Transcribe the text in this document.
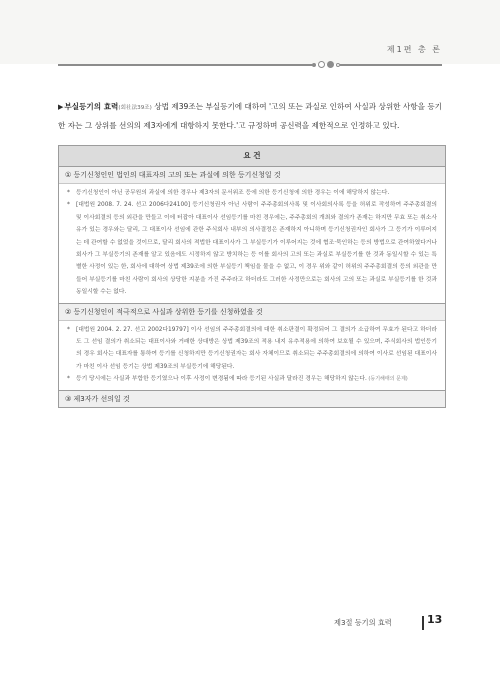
제1편 총 론
▶부실등기의 효력(회社法39조) 상법 제39조는 부실등기에 대하여 '고의 또는 과실로 인하여 사실과 상위한 사항을 등기한 자는 그 상위를 선의의 제3자에게 대항하지 못한다.'고 규정하며 공신력을 제한적으로 인정하고 있다.
요 건
① 등기신청인인 법인의 대표자의 고의 또는 과실에 의한 등기신청일 것
*	등기신청인이 아닌 공무원의 과실에 의한 경우나 제3자의 문서위조 등에 의한 등기신청에 의한 경우는 이에 해당하지 않는다.
*	[대법원 2008. 7. 24. 선고 2006다24100] 등기신청권자 아닌 사람이 주주총회의사록 및 이사회의사록 등을 허위로 작성하여 주주총회결의 및 이사회결의 등의 외관을 만들고 이에 터잡아 대표이사 선임등기를 마친 경우에는, 주주총회의 개최와 결의가 존재는 하지만 무효 또는 취소사유가 있는 경우와는 달리, 그 대표이사 선임에 관한 주식회사 내부의 의사결정은 존재하지 아니하며 등기신청권자인 회사가 그 등기가 이루어지는 데 관여할 수 없었을 것이므로, 달리 회사의 적법한 대표이사가 그 부실등기가 이루어지는 것에 협조·묵인하는 등의 방법으로 관여하였다거나 회사가 그 부실등기의 존재를 알고 있음에도 시정하지 않고 방치하는 등 이를 회사의 고의 또는 과실로 부실등기를 한 것과 동일시할 수 있는 특별한 사정이 있는 한, 회사에 대하여 상법 제39조에 의한 부실등기 책임을 물을 수 없고, 이 경우 위와 같이 허위의 주주총회결의 등의 외관을 만들어 부실등기를 마친 사람이 회사의 상당한 지분을 가진 주주라고 하더라도 그러한 사정만으로는 회사의 고의 또는 과실로 부실등기를 한 것과 동일시할 수는 없다.
② 등기신청인이 적극적으로 사실과 상위한 등기를 신청하였을 것
*	[대법원 2004. 2. 27. 선고 2002다19797] 이사 선임의 주주총회결의에 대한 취소판결이 확정되어 그 결의가 소급하여 무효가 된다고 하더라도 그 선임 결의가 취소되는 대표이사와 거래한 상대방은 상법 제39조의 적용 내지 유추적용에 의하여 보호될 수 있으며, 주식회사의 법인등기의 경우 회사는 대표자를 통하여 등기를 신청하지만 등기신청권자는 회사 자체이므로 취소되는 주주총회결의에 의하여 이사로 선임된 대표이사가 마친 이사 선임 등기는 상법 제39조의 부실등기에 해당된다.
*	등기 당시에는 사실과 부합한 등기였으나 이후 사정이 변경됨에 따라 등기된 사실과 달라진 경우는 해당하지 않는다. (등기해태의 문제)
③ 제3자가 선의일 것
제3절 등기의 효력	13
